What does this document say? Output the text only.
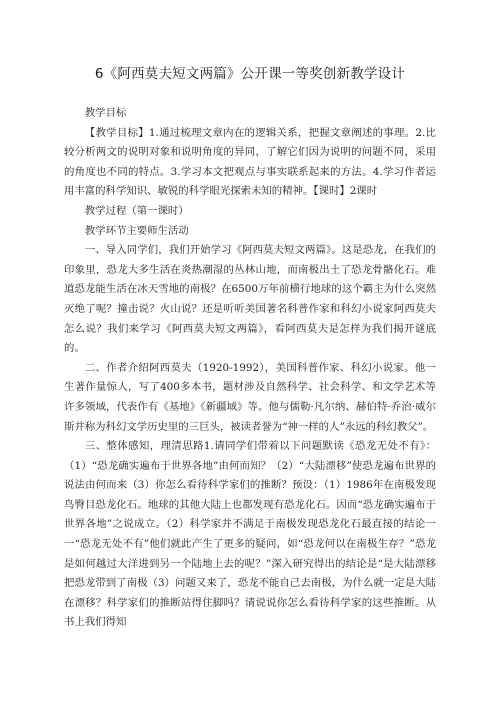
6《阿西莫夫短文两篇》公开课一等奖创新教学设计

教学目标

【教学目标】1.通过梳理文章内在的逻辑关系，把握文章阐述的事理。2.比较分析两文的说明对象和说明角度的异同，了解它们因为说明的问题不同，采用的角度也不同的特点。3.学习本文把观点与事实联系起来的方法。4.学习作者运用丰富的科学知识、敏锐的科学眼光探索未知的精神。【课时】2课时

教学过程（第一课时）

教学环节主要师生活动

一、导入同学们，我们开始学习《阿西莫夫短文两篇》。这是恐龙，在我们的印象里，恐龙大多生活在炎热潮湿的丛林山地，而南极出土了恐龙骨骼化石。难道恐龙能生活在冰天雪地的南极？在6500万年前横行地球的这个霸主为什么突然灭绝了呢？撞击说？火山说？还是听听美国著名科普作家和科幻小说家阿西莫夫怎么说？我们来学习《阿西莫夫短文两篇》，看阿西莫夫是怎样为我们揭开谜底的。

二、作者介绍阿西莫夫（1920-1992），美国科普作家、科幻小说家。他一生著作量惊人，写了400多本书，题材涉及自然科学、社会科学、和文学艺术等许多领域，代表作有《基地》《新疆域》等。他与儒勒·凡尔纳、赫伯特·乔治·威尔斯并称为科幻文学历史里的三巨头，被读者誉为“神一样的人”永远的科幻教父”。

三、整体感知，理清思路1.请同学们带着以下问题默读《恐龙无处不有》：（1）“恐龙确实遍布于世界各地”由何而知？（2）“大陆漂移”使恐龙遍布世界的说法由何而来（3）你怎么看待科学家们的推断？预设：（1）1986年在南极发现鸟臀目恐龙化石。地球的其他大陆上也都发现有恐龙化石。因而“恐龙确实遍布于世界各地”之说成立。（2）科学家并不满足于南极发现恐龙化石最直接的结论一一“恐龙无处不有”他们就此产生了更多的疑问，如“恐龙何以在南极生存？”恐龙是如何越过大洋进到另一个陆地上去的呢？”深入研究得出的结论是“是大陆漂移把恐龙带到了南极（3）问题又来了，恐龙不能自己去南极，为什么就一定是大陆在漂移？科学家们的推断站得住脚吗？请说说你怎么看待科学家的这些推断。从书上我们得知
